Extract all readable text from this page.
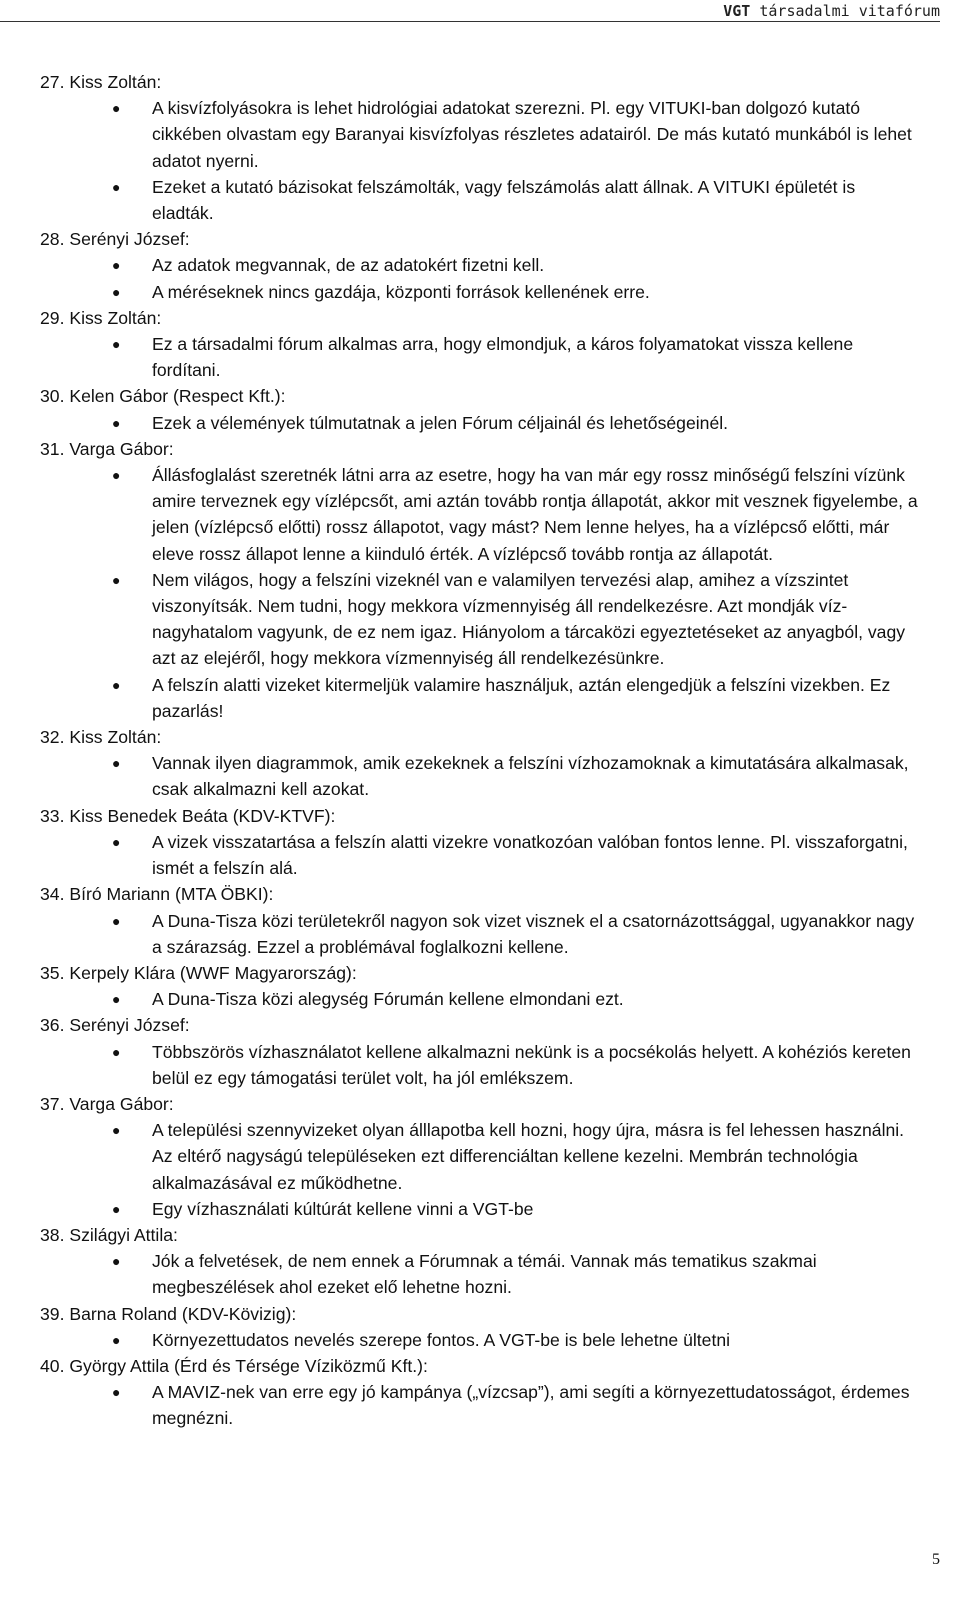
VGT társadalmi vitafórum

27. Kiss Zoltán:

● A kisvízfolyásokra is lehet hidrológiai adatokat szerezni. Pl. egy VITUKI-ban dolgozó kutató cikkében olvastam egy Baranyai kisvízfolyas részletes adatairól. De más kutató munkából is lehet adatot nyerni.
● Ezeket a kutató bázisokat felszámolták, vagy felszámolás alatt állnak. A VITUKI épületét is eladták.

28. Serényi József:

● Az adatok megvannak, de az adatokért fizetni kell.
● A méréseknek nincs gazdája, központi források kellenének erre.

29. Kiss Zoltán:

● Ez a társadalmi fórum alkalmas arra, hogy elmondjuk, a káros folyamatokat vissza kellene fordítani.

30. Kelen Gábor (Respect Kft.):

● Ezek a vélemények túlmutatnak a jelen Fórum céljainál és lehetőségeinél.

31. Varga Gábor:

● Állásfoglalást szeretnék látni arra az esetre, hogy ha van már egy rossz minőségű felszíni vízünk amire terveznek egy vízlépcsőt, ami aztán tovább rontja állapotát, akkor mit vesznek figyelembe, a jelen (vízlépcső előtti) rossz állapotot, vagy mást? Nem lenne helyes, ha a vízlépcső előtti, már eleve rossz állapot lenne a kiinduló érték. A vízlépcső tovább rontja az állapotát.
● Nem világos, hogy a felszíni vizeknél van e valamilyen tervezési alap, amihez a vízszintet viszonyítsák. Nem tudni, hogy mekkora vízmennyiség áll rendelkezésre. Azt mondják víz-nagyhatalom vagyunk, de ez nem igaz. Hiányolom a tárcaközi egyeztetéseket az anyagból, vagy azt az elejéről, hogy mekkora vízmennyiség áll rendelkezésünkre.
● A felszín alatti vizeket kitermeljük valamire használjuk, aztán elengedjük a felszíni vizekben. Ez pazarlás!

32. Kiss Zoltán:

● Vannak ilyen diagrammok, amik ezekeknek a felszíni vízhozamoknak a kimutatására alkalmasak, csak alkalmazni kell azokat.

33. Kiss Benedek Beáta (KDV-KTVF):

● A vizek visszatartása a felszín alatti vizekre vonatkozóan valóban fontos lenne. Pl. visszaforgatni, ismét a felszín alá.

34. Bíró Mariann (MTA ÖBKI):

● A Duna-Tisza közi területekről nagyon sok vizet visznek el a csatornázottsággal, ugyanakkor nagy a szárazság. Ezzel a problémával foglalkozni kellene.

35. Kerpely Klára (WWF Magyarország):

● A Duna-Tisza közi alegység Fórumán kellene elmondani ezt.

36. Serényi József:

● Többszörös vízhasználatot kellene alkalmazni nekünk is a pocsékolás helyett. A kohéziós kereten belül ez egy támogatási terület volt, ha jól emlékszem.

37. Varga Gábor:

● A települési szennyvizeket olyan álllapotba kell hozni, hogy újra, másra is fel lehessen használni. Az eltérő nagyságú településeken ezt differenciáltan kellene kezelni. Membrán technológia alkalmazásával ez működhetne.
● Egy vízhasználati kúltúrát kellene vinni a VGT-be

38. Szilágyi Attila:

● Jók a felvetések, de nem ennek a Fórumnak a témái. Vannak más tematikus szakmai megbeszélések ahol ezeket elő lehetne hozni.

39. Barna Roland (KDV-Kövizig):

● Környezettudatos nevelés szerepe fontos. A VGT-be is bele lehetne ültetni

40. György Attila (Érd és Térsége Víziközmű Kft.):

● A MAVIZ-nek van erre egy jó kampánya („vízcsap”), ami segíti a környezettudatosságot, érdemes megnézni.
5
